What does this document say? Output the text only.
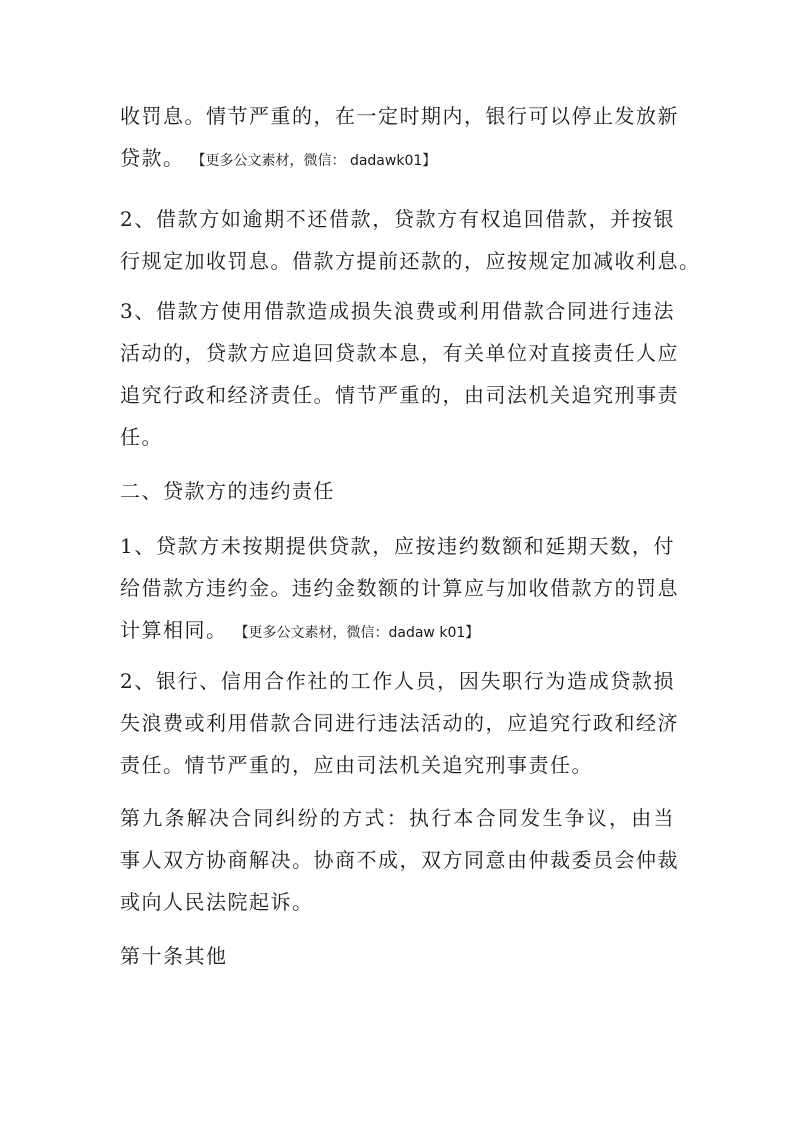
收罚息。情节严重的，在一定时期内，银行可以停止发放新
贷款。 【更多公文素材，微信： dadawk01】

2、借款方如逾期不还借款，贷款方有权追回借款，并按银
行规定加收罚息。借款方提前还款的，应按规定加减收利息。

3、借款方使用借款造成损失浪费或利用借款合同进行违法
活动的，贷款方应追回贷款本息，有关单位对直接责任人应
追究行政和经济责任。情节严重的，由司法机关追究刑事责
任。

二、贷款方的违约责任

1、贷款方未按期提供贷款，应按违约数额和延期天数，付
给借款方违约金。违约金数额的计算应与加收借款方的罚息
计算相同。 【更多公文素材，微信：dadaw k01】

2、银行、信用合作社的工作人员，因失职行为造成贷款损
失浪费或利用借款合同进行违法活动的，应追究行政和经济
责任。情节严重的，应由司法机关追究刑事责任。

第九条解决合同纠纷的方式：执行本合同发生争议，由当
事人双方协商解决。协商不成，双方同意由仲裁委员会仲裁
或向人民法院起诉。

第十条其他
